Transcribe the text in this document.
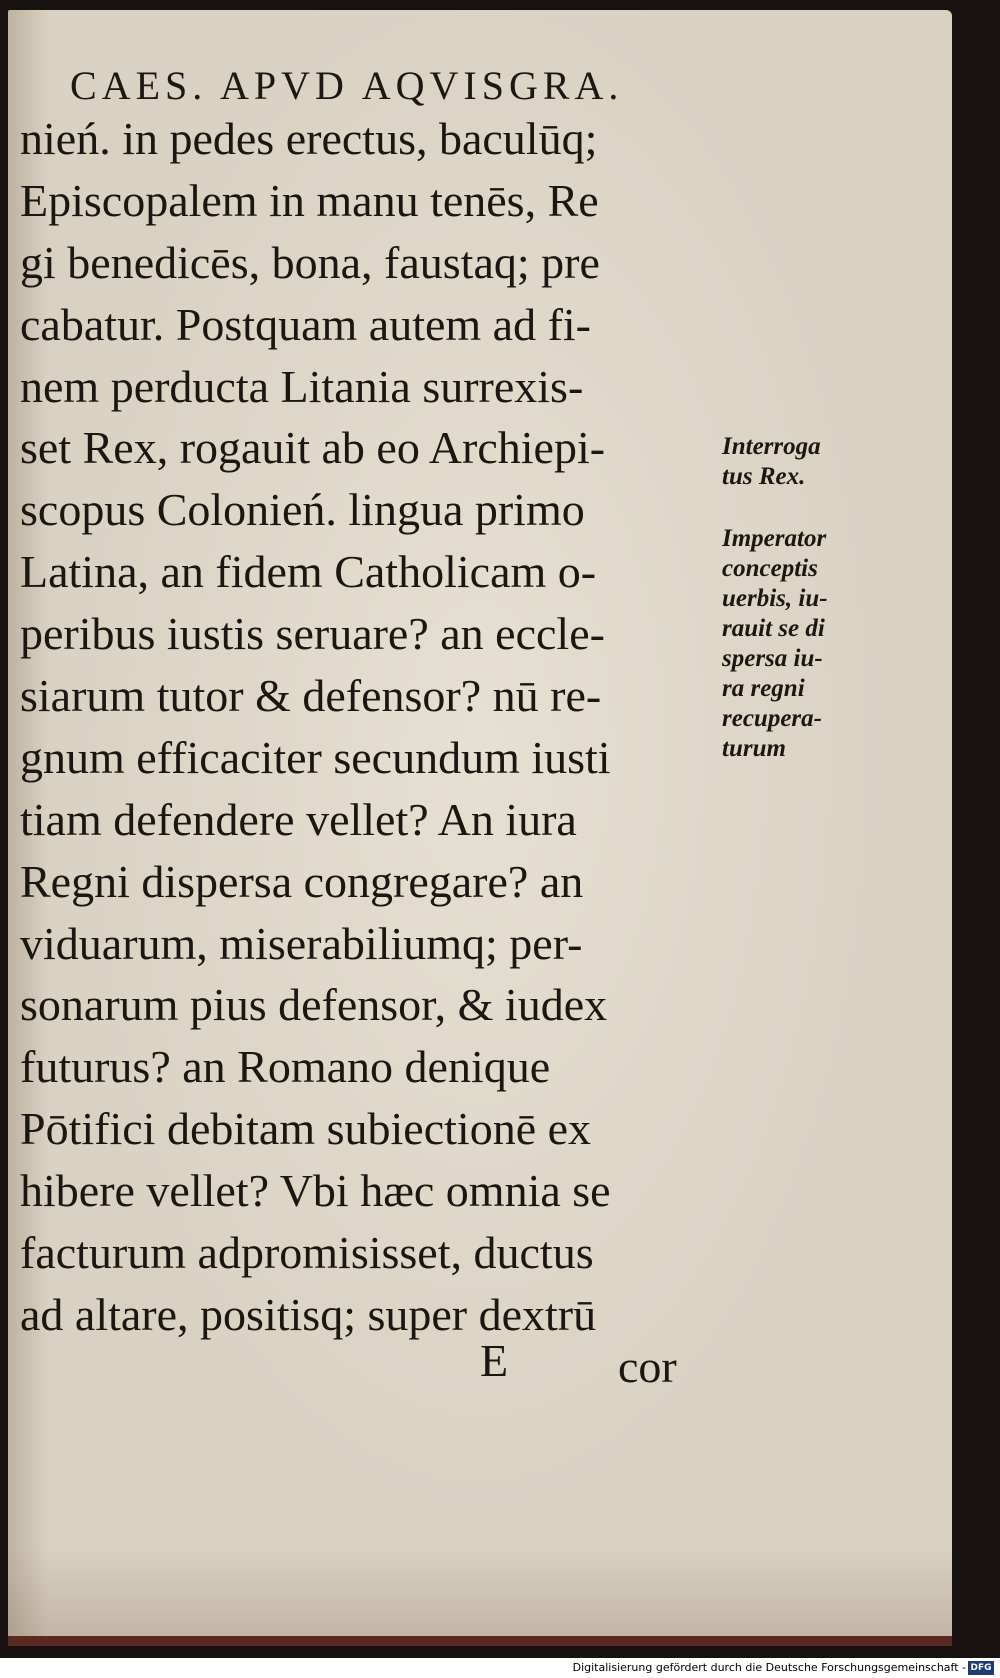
CAES. APVD AQVISGRA.
nień. in pedes erectus, baculūq;
Episcopalem in manu tenēs, Re
gi benedicēs, bona, faustaq; pre
cabatur. Postquam autem ad fi-
nem perducta Litania surrexis-
set Rex, rogauit ab eo Archiepi-
scopus Colonień. lingua primo
Latina, an fidem Catholicam o-
peribus iustis seruare? an eccle-
siarum tutor & defensor? nū re-
gnum efficaciter secundum iusti
tiam defendere vellet? An iura
Regni dispersa congregare? an
viduarum, miserabiliumq; per-
sonarum pius defensor, & iudex
futurus? an Romano denique
Pōtifici debitam subiectionē ex
hibere vellet? Vbi hæc omnia se
facturum adpromisisset, ductus
ad altare, positisq; super dextrū
Interroga
tus Rex.
Imperator
conceptis
uerbis, iu-
rauit se di
spersa iu-
ra regni
recupera-
turum
E cor
Digitalisierung gefördert durch die Deutsche Forschungsgemeinschaft - DFG
